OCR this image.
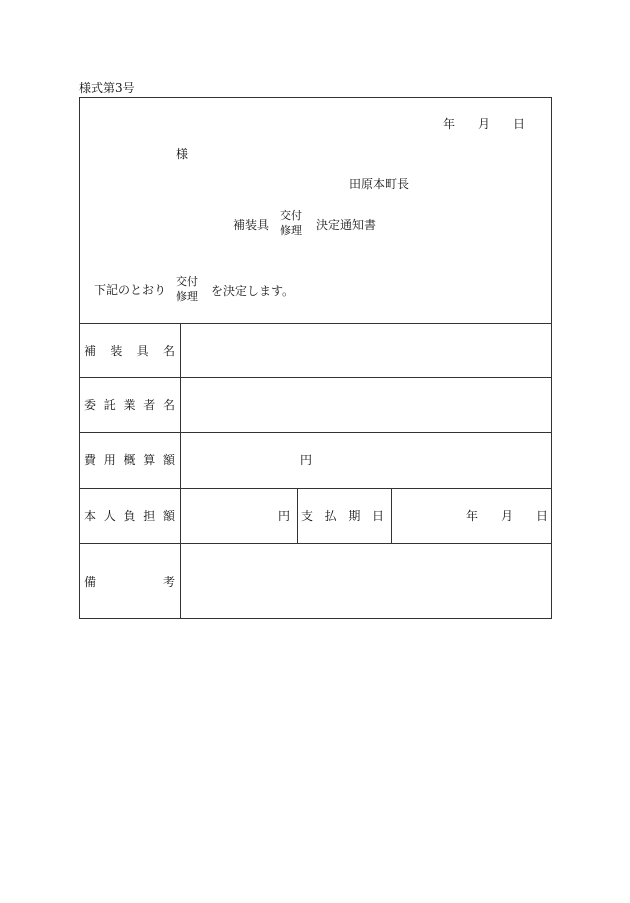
様式第3号
年 月 日
様
田原本町長
補装具
交付
修理 決定通知書
下記のとおり
交付
修理 を決定します。
補 装 具 名
委 託 業 者 名
費 用 概 算 額	円
本 人 負 担 額	円 支 払 期 日	年 月 日
備	考
